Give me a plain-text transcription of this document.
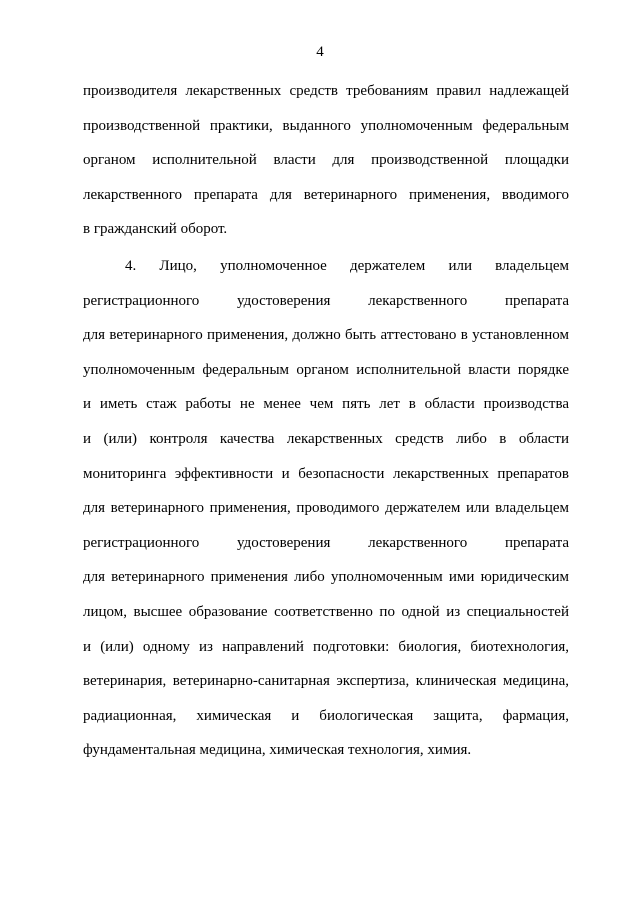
4
производителя лекарственных средств требованиям правил надлежащей
производственной практики, выданного уполномоченным федеральным
органом исполнительной власти для производственной площадки
лекарственного препарата для ветеринарного применения, вводимого
в гражданский оборот.
4. Лицо, уполномоченное держателем или владельцем
регистрационного удостоверения лекарственного препарата
для ветеринарного применения, должно быть аттестовано в установленном
уполномоченным федеральным органом исполнительной власти порядке
и иметь стаж работы не менее чем пять лет в области производства
и (или) контроля качества лекарственных средств либо в области
мониторинга эффективности и безопасности лекарственных препаратов
для ветеринарного применения, проводимого держателем или владельцем
регистрационного удостоверения лекарственного препарата
для ветеринарного применения либо уполномоченным ими юридическим
лицом, высшее образование соответственно по одной из специальностей
и (или) одному из направлений подготовки: биология, биотехнология,
ветеринария, ветеринарно-санитарная экспертиза, клиническая медицина,
радиационная, химическая и биологическая защита, фармация,
фундаментальная медицина, химическая технология, химия.
